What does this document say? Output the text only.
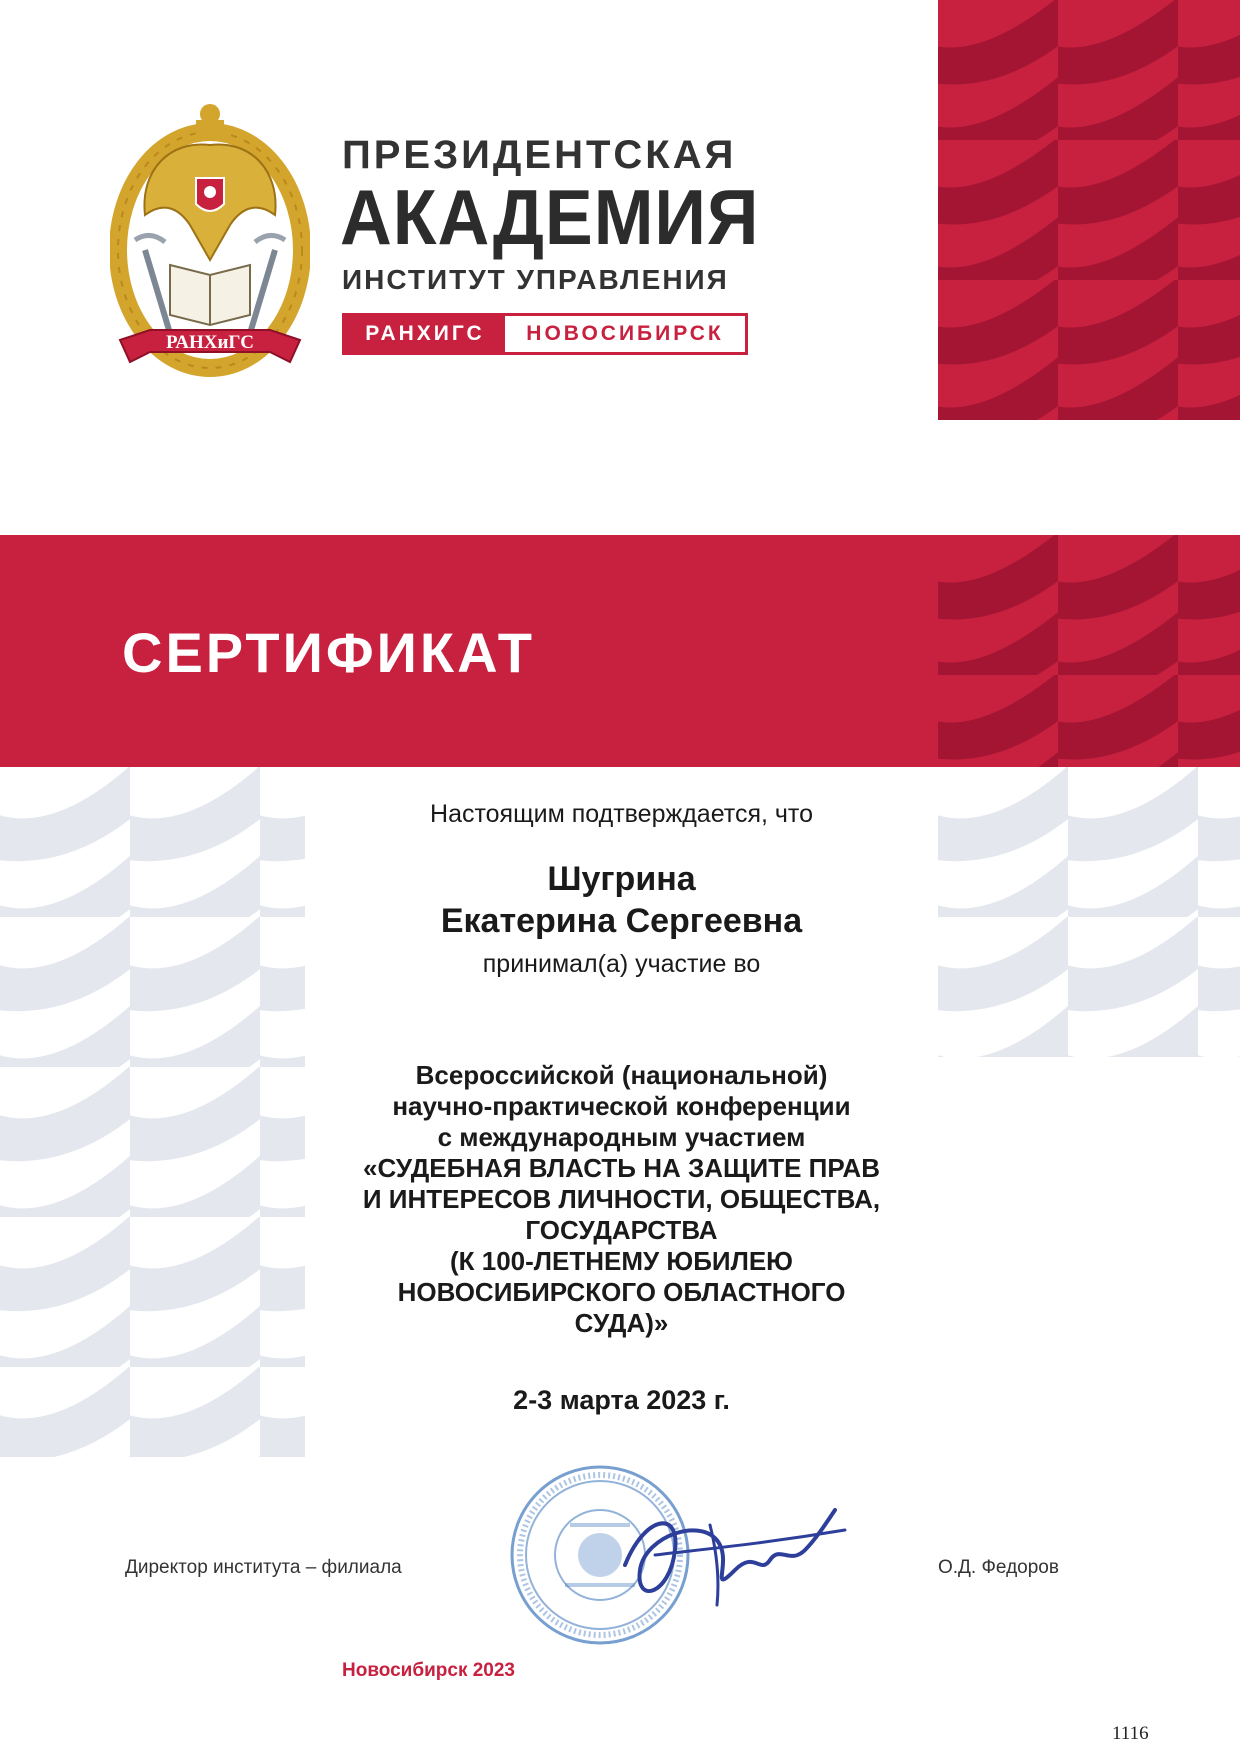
РАНХиГС
ПРЕЗИДЕНТСКАЯ
АКАДЕМИЯ
ИНСТИТУТ УПРАВЛЕНИЯ
РАНХИГС	НОВОСИБИРСК
СЕРТИФИКАТ
Настоящим подтверждается, что
Шугрина
Екатерина Сергеевна
принимал(а) участие во
Всероссийской (национальной)
научно-практической конференции
с международным участием
«СУДЕБНАЯ ВЛАСТЬ НА ЗАЩИТЕ ПРАВ
И ИНТЕРЕСОВ ЛИЧНОСТИ, ОБЩЕСТВА,
ГОСУДАРСТВА
(К 100-ЛЕТНЕМУ ЮБИЛЕЮ
НОВОСИБИРСКОГО ОБЛАСТНОГО
СУДА)»
2-3 марта 2023 г.
Директор института – филиала	О.Д. Федоров
Новосибирск 2023
1116
